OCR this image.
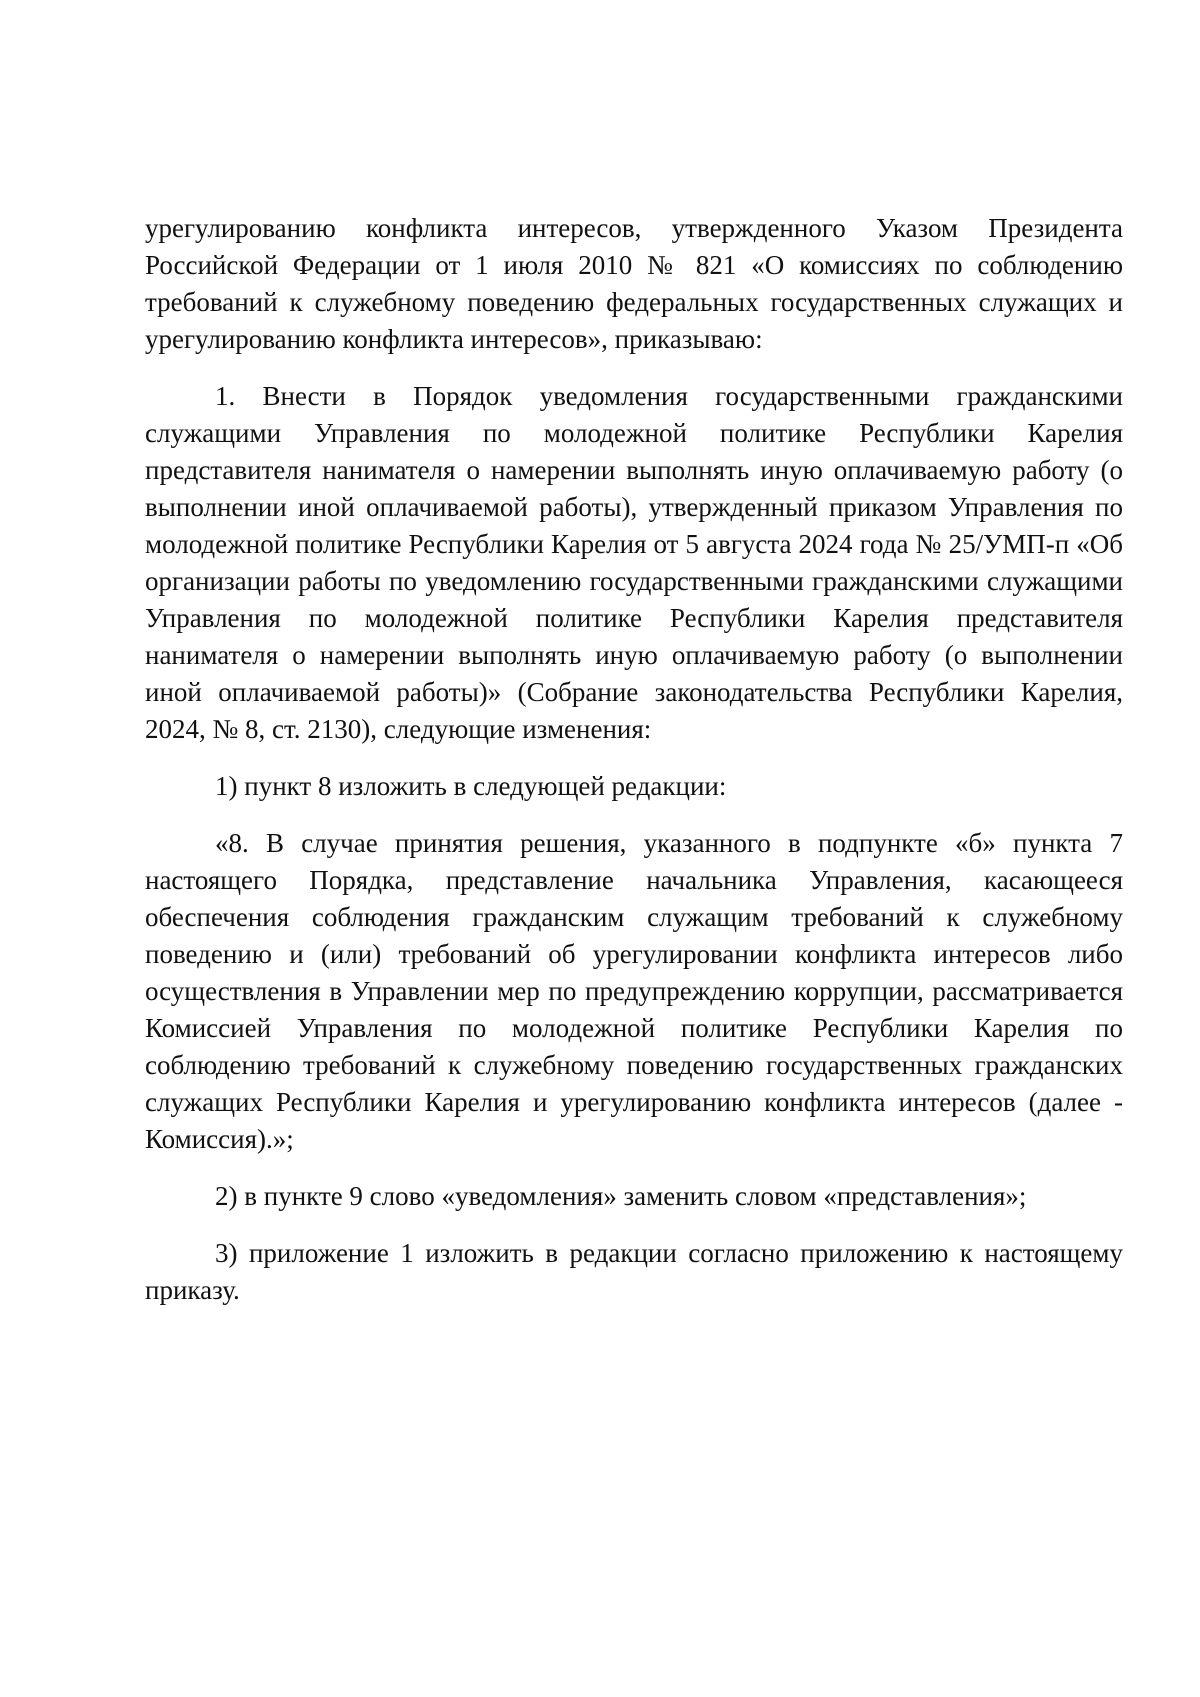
урегулированию конфликта интересов, утвержденного Указом Президента Российской Федерации от 1 июля 2010 № 821 «О комиссиях по соблюдению требований к служебному поведению федеральных государственных служащих и урегулированию конфликта интересов», приказываю:

1. Внести в Порядок уведомления государственными гражданскими служащими Управления по молодежной политике Республики Карелия представителя нанимателя о намерении выполнять иную оплачиваемую работу (о выполнении иной оплачиваемой работы), утвержденный приказом Управления по молодежной политике Республики Карелия от 5 августа 2024 года № 25/УМП-п «Об организации работы по уведомлению государственными гражданскими служащими Управления по молодежной политике Республики Карелия представителя нанимателя о намерении выполнять иную оплачиваемую работу (о выполнении иной оплачиваемой работы)» (Собрание законодательства Республики Карелия, 2024, № 8, ст. 2130), следующие изменения:

1) пункт 8 изложить в следующей редакции:

«8. В случае принятия решения, указанного в подпункте «б» пункта 7 настоящего Порядка, представление начальника Управления, касающееся обеспечения соблюдения гражданским служащим требований к служебному поведению и (или) требований об урегулировании конфликта интересов либо осуществления в Управлении мер по предупреждению коррупции, рассматривается Комиссией Управления по молодежной политике Республики Карелия по соблюдению требований к служебному поведению государственных гражданских служащих Республики Карелия и урегулированию конфликта интересов (далее - Комиссия).»;

2) в пункте 9 слово «уведомления» заменить словом «представления»;

3) приложение 1 изложить в редакции согласно приложению к настоящему приказу.
